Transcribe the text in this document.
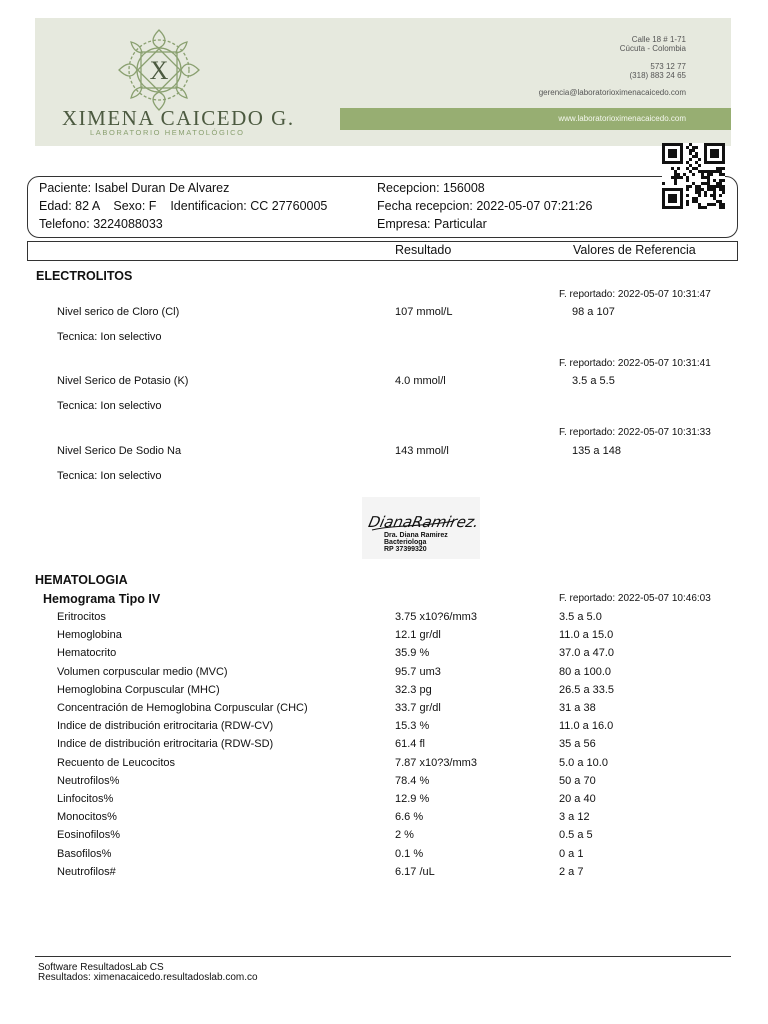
X
XIMENA CAICEDO G.
LABORATORIO HEMATOLÓGICO
Calle 18 # 1-71
Cúcuta - Colombia
573 12 77
(318) 883 24 65
gerencia@laboratorioximenacaicedo.com
www.laboratorioximenacaicedo.com
Paciente: Isabel Duran De Alvarez
Edad: 82 A    Sexo: F    Identificacion: CC 27760005
Telefono: 3224088033
Recepcion: 156008
Fecha recepcion: 2022-05-07 07:21:26
Empresa: Particular
Resultado	Valores de Referencia
ELECTROLITOS
F. reportado: 2022-05-07 10:31:47
Nivel serico de Cloro (Cl)	107 mmol/L	98 a 107
Tecnica: Ion selectivo
F. reportado: 2022-05-07 10:31:41
Nivel Serico de Potasio (K)	4.0 mmol/l	3.5 a 5.5
Tecnica: Ion selectivo
F. reportado: 2022-05-07 10:31:33
Nivel Serico De Sodio Na	143 mmol/l	135 a 148
Tecnica: Ion selectivo
DianaRamirez.
Dra. Diana Ramirez
Bacteriologa
RP 37399320
HEMATOLOGIA
Hemograma Tipo IV	F. reportado: 2022-05-07 10:46:03
Eritrocitos	3.75 x10?6/mm3	3.5 a 5.0
Hemoglobina	12.1 gr/dl	11.0 a 15.0
Hematocrito	35.9 %	37.0 a 47.0
Volumen corpuscular medio (MVC)	95.7 um3	80 a 100.0
Hemoglobina Corpuscular (MHC)	32.3 pg	26.5 a 33.5
Concentración de Hemoglobina Corpuscular (CHC)	33.7 gr/dl	31 a 38
Indice de distribución eritrocitaria (RDW-CV)	15.3 %	11.0 a 16.0
Indice de distribución eritrocitaria (RDW-SD)	61.4 fl	35 a 56
Recuento de Leucocitos	7.87 x10?3/mm3	5.0 a 10.0
Neutrofilos%	78.4 %	50 a 70
Linfocitos%	12.9 %	20 a 40
Monocitos%	6.6 %	3 a 12
Eosinofilos%	2 %	0.5 a 5
Basofilos%	0.1 %	0 a 1
Neutrofilos#	6.17 /uL	2 a 7
Software ResultadosLab CS
Resultados: ximenacaicedo.resultadoslab.com.co
